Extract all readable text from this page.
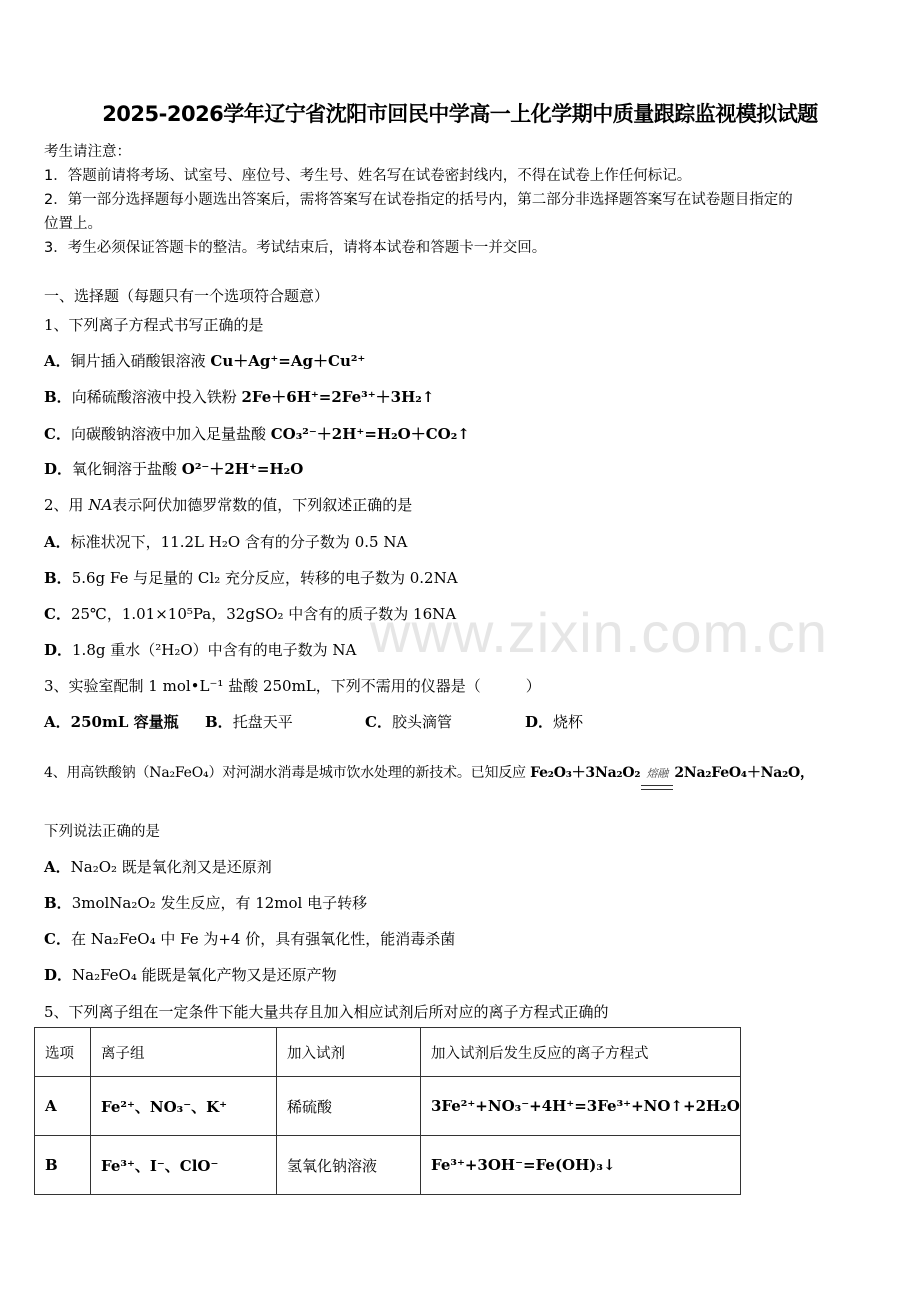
www.zixin.com.cn
2025-2026学年辽宁省沈阳市回民中学高一上化学期中质量跟踪监视模拟试题
考生请注意：
1．答题前请将考场、试室号、座位号、考生号、姓名写在试卷密封线内，不得在试卷上作任何标记。
2．第一部分选择题每小题选出答案后，需将答案写在试卷指定的括号内，第二部分非选择题答案写在试卷题目指定的
位置上。
3．考生必须保证答题卡的整洁。考试结束后，请将本试卷和答题卡一并交回。
一、选择题（每题只有一个选项符合题意）
1、下列离子方程式书写正确的是
A．铜片插入硝酸银溶液 Cu＋Ag⁺=Ag＋Cu²⁺
B．向稀硫酸溶液中投入铁粉 2Fe＋6H⁺=2Fe³⁺＋3H₂↑
C．向碳酸钠溶液中加入足量盐酸 CO₃²⁻＋2H⁺=H₂O＋CO₂↑
D．氧化铜溶于盐酸 O²⁻＋2H⁺=H₂O
2、用 NA表示阿伏加德罗常数的值，下列叙述正确的是
A．标准状况下，11.2L H₂O 含有的分子数为 0.5 NA
B．5.6g Fe 与足量的 Cl₂ 充分反应，转移的电子数为 0.2NA
C．25℃，1.01×10⁵Pa，32gSO₂ 中含有的质子数为 16NA
D．1.8g 重水（²H₂O）中含有的电子数为 NA
3、实验室配制 1 mol•L⁻¹ 盐酸 250mL，下列不需用的仪器是（　　　）
A．250mL 容量瓶 B．托盘天平	C．胶头滴管	D．烧杯
4、用高铁酸钠（Na₂FeO₄）对河湖水消毒是城市饮水处理的新技术。已知反应 Fe₂O₃＋3Na₂O₂ 熔融 2Na₂FeO₄＋Na₂O，
下列说法正确的是
A．Na₂O₂ 既是氧化剂又是还原剂
B．3molNa₂O₂ 发生反应，有 12mol 电子转移
C．在 Na₂FeO₄ 中 Fe 为+4 价，具有强氧化性，能消毒杀菌
D．Na₂FeO₄ 能既是氧化产物又是还原产物
5、下列离子组在一定条件下能大量共存且加入相应试剂后所对应的离子方程式正确的
选项	离子组	加入试剂	加入试剂后发生反应的离子方程式
A	Fe²⁺、NO₃⁻、K⁺	稀硫酸	3Fe²⁺+NO₃⁻+4H⁺=3Fe³⁺+NO↑+2H₂O
B	Fe³⁺、I⁻、ClO⁻	氢氧化钠溶液	Fe³⁺+3OH⁻=Fe(OH)₃↓
